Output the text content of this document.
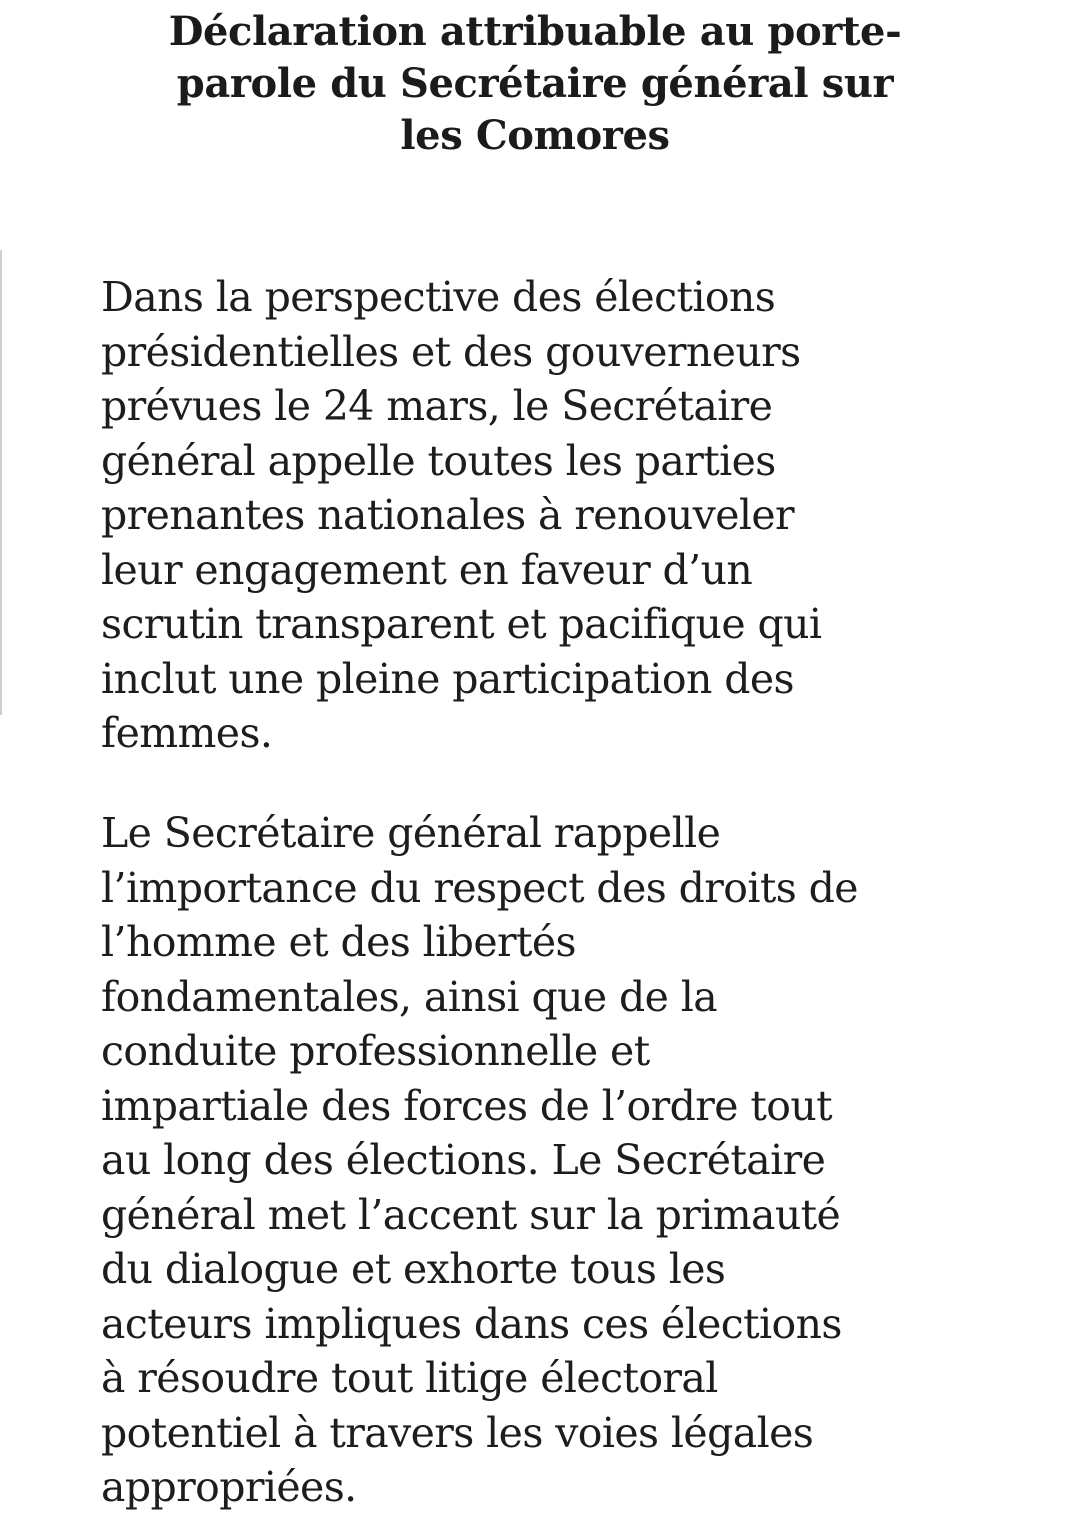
Déclaration attribuable au porte-
parole du Secrétaire général sur
les Comores

Dans la perspective des élections
présidentielles et des gouverneurs
prévues le 24 mars, le Secrétaire
général appelle toutes les parties
prenantes nationales à renouveler
leur engagement en faveur d’un
scrutin transparent et pacifique qui
inclut une pleine participation des
femmes.

Le Secrétaire général rappelle
l’importance du respect des droits de
l’homme et des libertés
fondamentales, ainsi que de la
conduite professionnelle et
impartiale des forces de l’ordre tout
au long des élections. Le Secrétaire
général met l’accent sur la primauté
du dialogue et exhorte tous les
acteurs impliques dans ces élections
à résoudre tout litige électoral
potentiel à travers les voies légales
appropriées.
